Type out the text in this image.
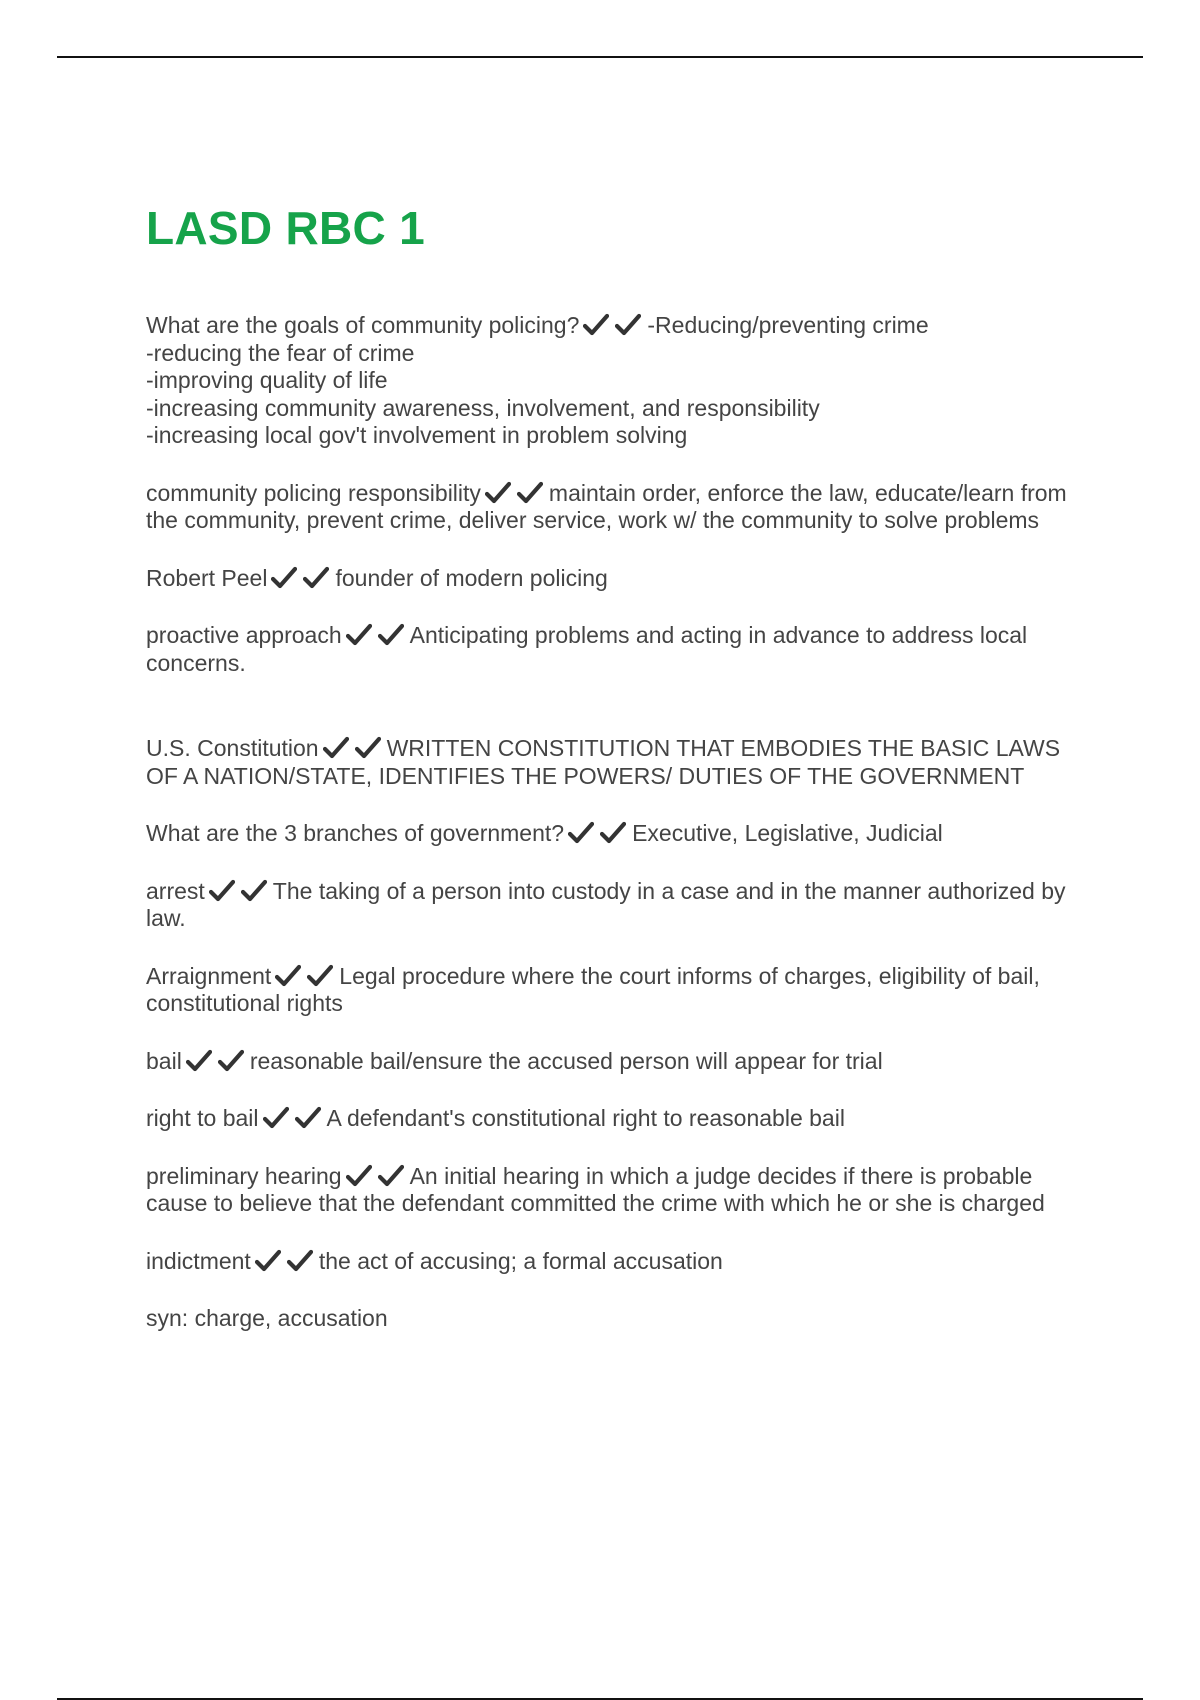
LASD RBC 1
What are the goals of community policing?	-Reducing/preventing crime
-reducing the fear of crime
-improving quality of life
-increasing community awareness, involvement, and responsibility
-increasing local gov't involvement in problem solving
community policing responsibility	maintain order, enforce the law, educate/learn from the community, prevent crime, deliver service, work w/ the community to solve problems
Robert Peel	founder of modern policing
proactive approach	Anticipating problems and acting in advance to address local concerns.
U.S. Constitution	WRITTEN CONSTITUTION THAT EMBODIES THE BASIC LAWS OF A NATION/STATE, IDENTIFIES THE POWERS/ DUTIES OF THE GOVERNMENT
What are the 3 branches of government?	Executive, Legislative, Judicial
arrest	The taking of a person into custody in a case and in the manner authorized by law.
Arraignment	Legal procedure where the court informs of charges, eligibility of bail, constitutional rights
bail	reasonable bail/ensure the accused person will appear for trial
right to bail	A defendant's constitutional right to reasonable bail
preliminary hearing	An initial hearing in which a judge decides if there is probable cause to believe that the defendant committed the crime with which he or she is charged
indictment	the act of accusing; a formal accusation
syn: charge, accusation
